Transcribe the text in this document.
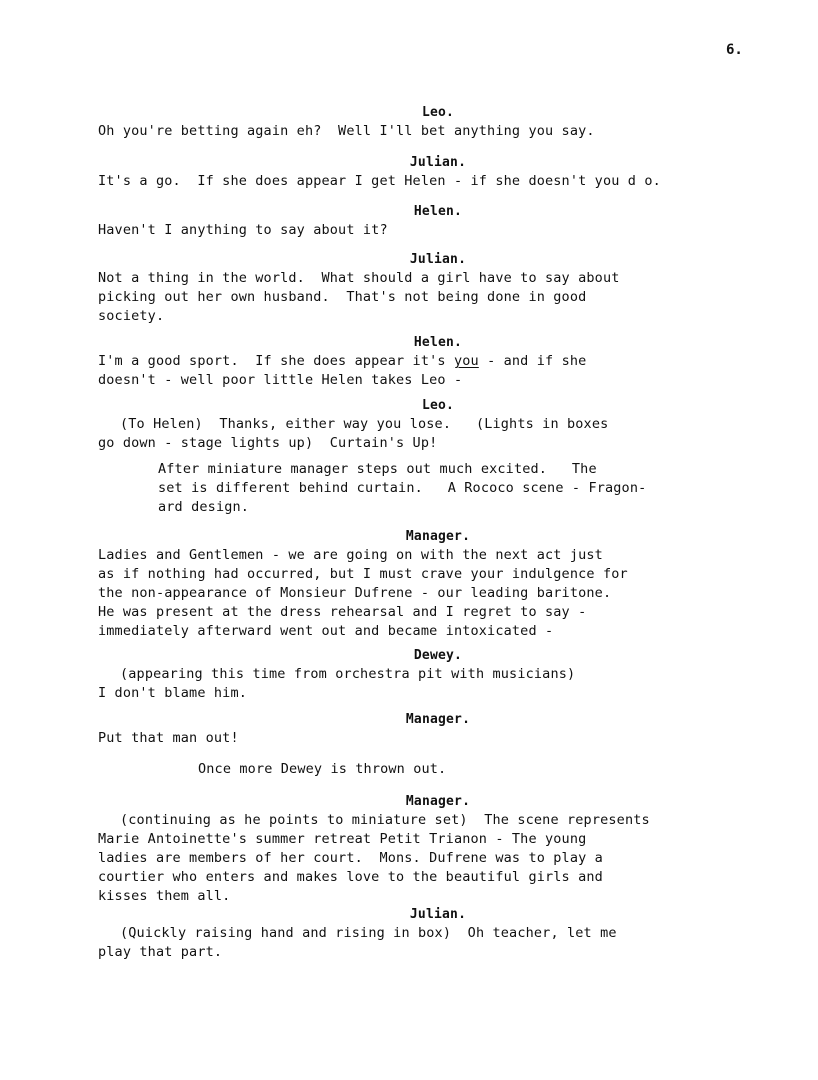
6.

Leo.

Oh you're betting again eh?  Well I'll bet anything you say.

Julian.

It's a go.  If she does appear I get Helen - if she doesn't you d o.

Helen.

Haven't I anything to say about it?

Julian.

Not a thing in the world.  What should a girl have to say about

picking out her own husband.  That's not being done in good

society.

Helen.

I'm a good sport.  If she does appear it's you - and if she

doesn't - well poor little Helen takes Leo -

Leo.

(To Helen)  Thanks, either way you lose.   (Lights in boxes

go down - stage lights up)  Curtain's Up!

After miniature manager steps out much excited.   The

set is different behind curtain.   A Rococo scene - Fragon-

ard design.

Manager.

Ladies and Gentlemen - we are going on with the next act just

as if nothing had occurred, but I must crave your indulgence for

the non-appearance of Monsieur Dufrene - our leading baritone.

He was present at the dress rehearsal and I regret to say -

immediately afterward went out and became intoxicated -

Dewey.

(appearing this time from orchestra pit with musicians)

I don't blame him.

Manager.

Put that man out!

Once more Dewey is thrown out.

Manager.

(continuing as he points to miniature set)  The scene represents

Marie Antoinette's summer retreat Petit Trianon - The young

ladies are members of her court.  Mons. Dufrene was to play a

courtier who enters and makes love to the beautiful girls and

kisses them all.

Julian.

(Quickly raising hand and rising in box)  Oh teacher, let me

play that part.
